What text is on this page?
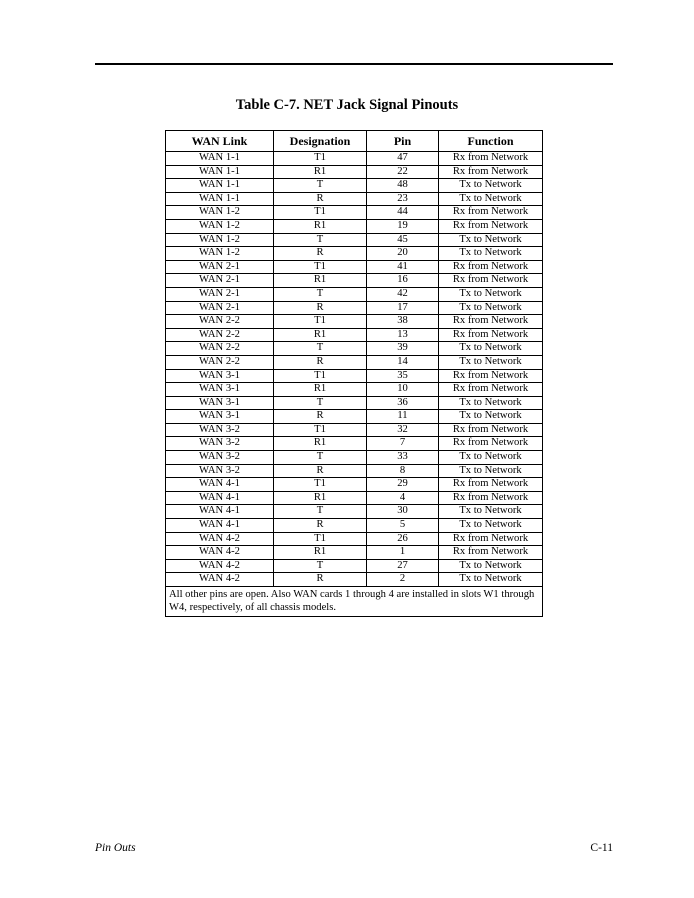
Table C-7. NET Jack Signal Pinouts
WAN Link	Designation	Pin	Function
WAN 1-1	T1	47	Rx from Network
WAN 1-1	R1	22	Rx from Network
WAN 1-1	T	48	Tx to Network
WAN 1-1	R	23	Tx to Network
WAN 1-2	T1	44	Rx from Network
WAN 1-2	R1	19	Rx from Network
WAN 1-2	T	45	Tx to Network
WAN 1-2	R	20	Tx to Network
WAN 2-1	T1	41	Rx from Network
WAN 2-1	R1	16	Rx from Network
WAN 2-1	T	42	Tx to Network
WAN 2-1	R	17	Tx to Network
WAN 2-2	T1	38	Rx from Network
WAN 2-2	R1	13	Rx from Network
WAN 2-2	T	39	Tx to Network
WAN 2-2	R	14	Tx to Network
WAN 3-1	T1	35	Rx from Network
WAN 3-1	R1	10	Rx from Network
WAN 3-1	T	36	Tx to Network
WAN 3-1	R	11	Tx to Network
WAN 3-2	T1	32	Rx from Network
WAN 3-2	R1	7	Rx from Network
WAN 3-2	T	33	Tx to Network
WAN 3-2	R	8	Tx to Network
WAN 4-1	T1	29	Rx from Network
WAN 4-1	R1	4	Rx from Network
WAN 4-1	T	30	Tx to Network
WAN 4-1	R	5	Tx to Network
WAN 4-2	T1	26	Rx from Network
WAN 4-2	R1	1	Rx from Network
WAN 4-2	T	27	Tx to Network
WAN 4-2	R	2	Tx to Network
All other pins are open. Also WAN cards 1 through 4 are installed in slots W1 through W4, respectively, of all chassis models.			
Pin Outs	C-11
